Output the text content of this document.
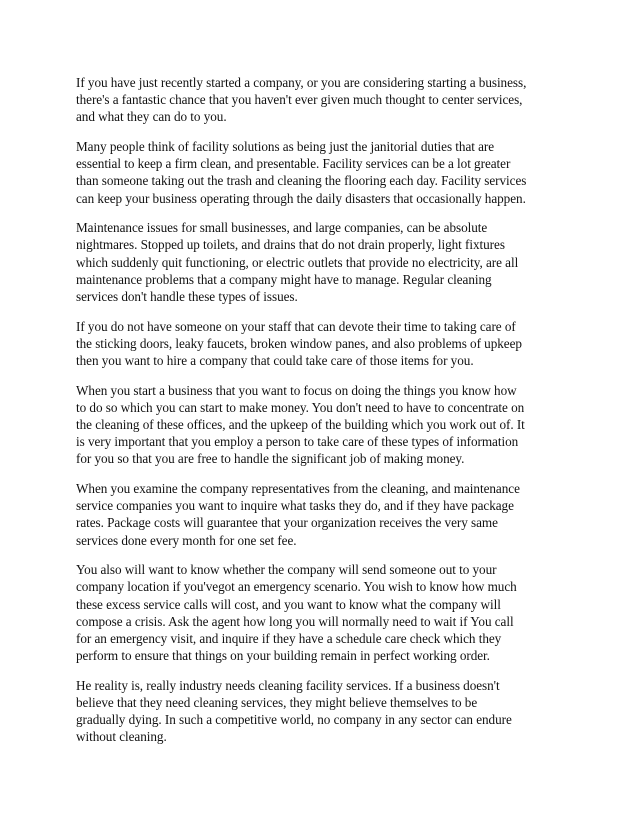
If you have just recently started a company, or you are considering starting a business,
there's a fantastic chance that you haven't ever given much thought to center services,
and what they can do to you.

Many people think of facility solutions as being just the janitorial duties that are
essential to keep a firm clean, and presentable. Facility services can be a lot greater
than someone taking out the trash and cleaning the flooring each day. Facility services
can keep your business operating through the daily disasters that occasionally happen.

Maintenance issues for small businesses, and large companies, can be absolute
nightmares. Stopped up toilets, and drains that do not drain properly, light fixtures
which suddenly quit functioning, or electric outlets that provide no electricity, are all
maintenance problems that a company might have to manage. Regular cleaning
services don't handle these types of issues.

If you do not have someone on your staff that can devote their time to taking care of
the sticking doors, leaky faucets, broken window panes, and also problems of upkeep
then you want to hire a company that could take care of those items for you.

When you start a business that you want to focus on doing the things you know how
to do so which you can start to make money. You don't need to have to concentrate on
the cleaning of these offices, and the upkeep of the building which you work out of. It
is very important that you employ a person to take care of these types of information
for you so that you are free to handle the significant job of making money.

When you examine the company representatives from the cleaning, and maintenance
service companies you want to inquire what tasks they do, and if they have package
rates. Package costs will guarantee that your organization receives the very same
services done every month for one set fee.

You also will want to know whether the company will send someone out to your
company location if you'vegot an emergency scenario. You wish to know how much
these excess service calls will cost, and you want to know what the company will
compose a crisis. Ask the agent how long you will normally need to wait if You call
for an emergency visit, and inquire if they have a schedule care check which they
perform to ensure that things on your building remain in perfect working order.

He reality is, really industry needs cleaning facility services. If a business doesn't
believe that they need cleaning services, they might believe themselves to be
gradually dying. In such a competitive world, no company in any sector can endure
without cleaning.
